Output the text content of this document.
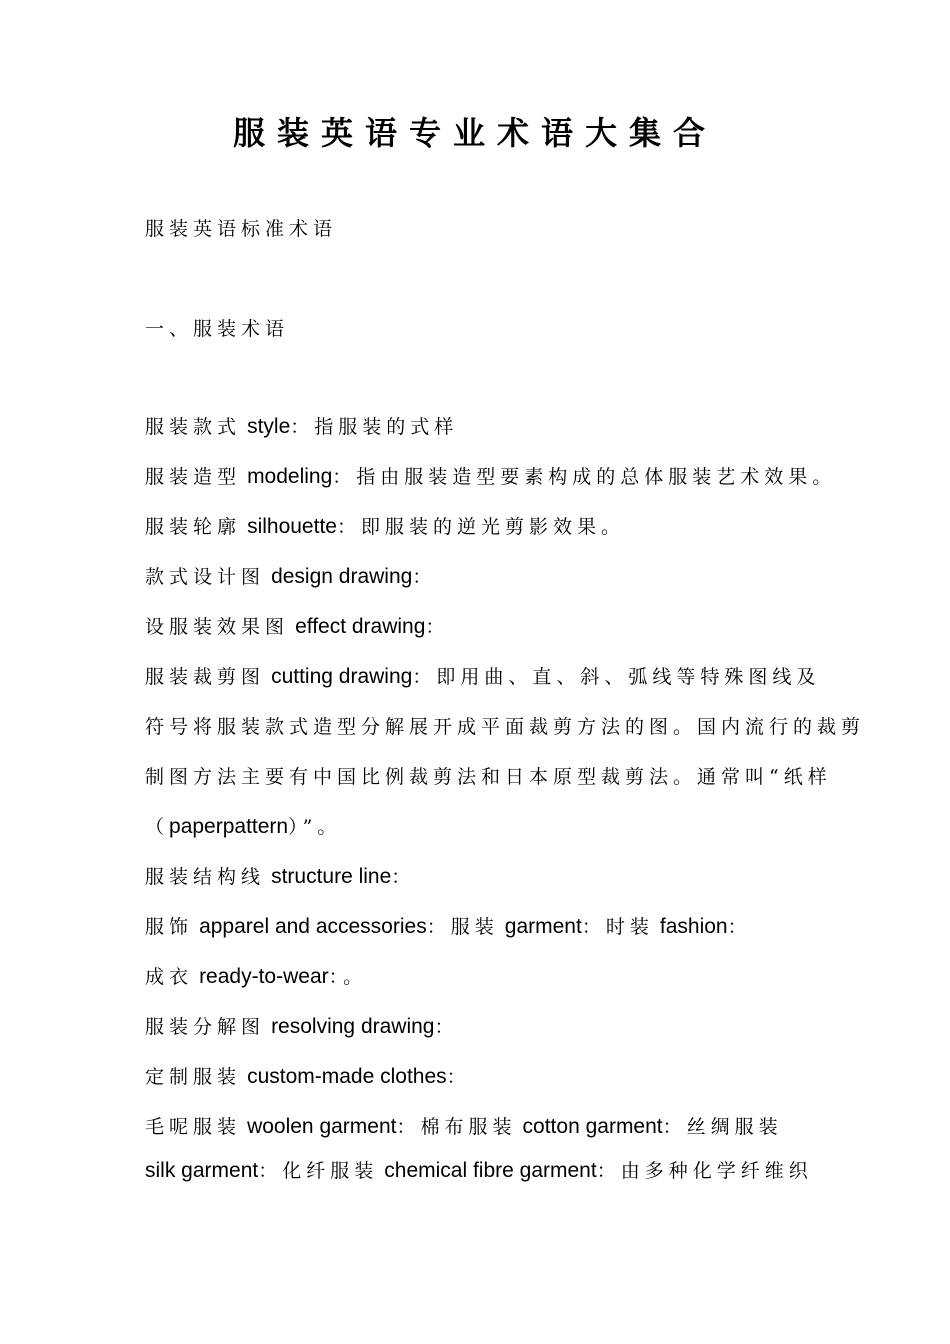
服装英语专业术语大集合
服装英语标准术语
一、服装术语
服装款式 style：指服装的式样
服装造型 modeling：指由服装造型要素构成的总体服装艺术效果。
服装轮廓 silhouette：即服装的逆光剪影效果。
款式设计图 design drawing：
设服装效果图 effect drawing：
服装裁剪图 cutting drawing：即用曲、直、斜、弧线等特殊图线及
符号将服装款式造型分解展开成平面裁剪方法的图。国内流行的裁剪
制图方法主要有中国比例裁剪法和日本原型裁剪法。通常叫“纸样
（paperpattern）”。
服装结构线 structure line：
服饰 apparel and accessories：服装 garment：时装 fashion：
成衣 ready-to-wear：。
服装分解图 resolving drawing：
定制服装 custom-made clothes：
毛呢服装 woolen garment：棉布服装 cotton garment：丝绸服装
silk garment：化纤服装 chemical fibre garment：由多种化学纤维织
